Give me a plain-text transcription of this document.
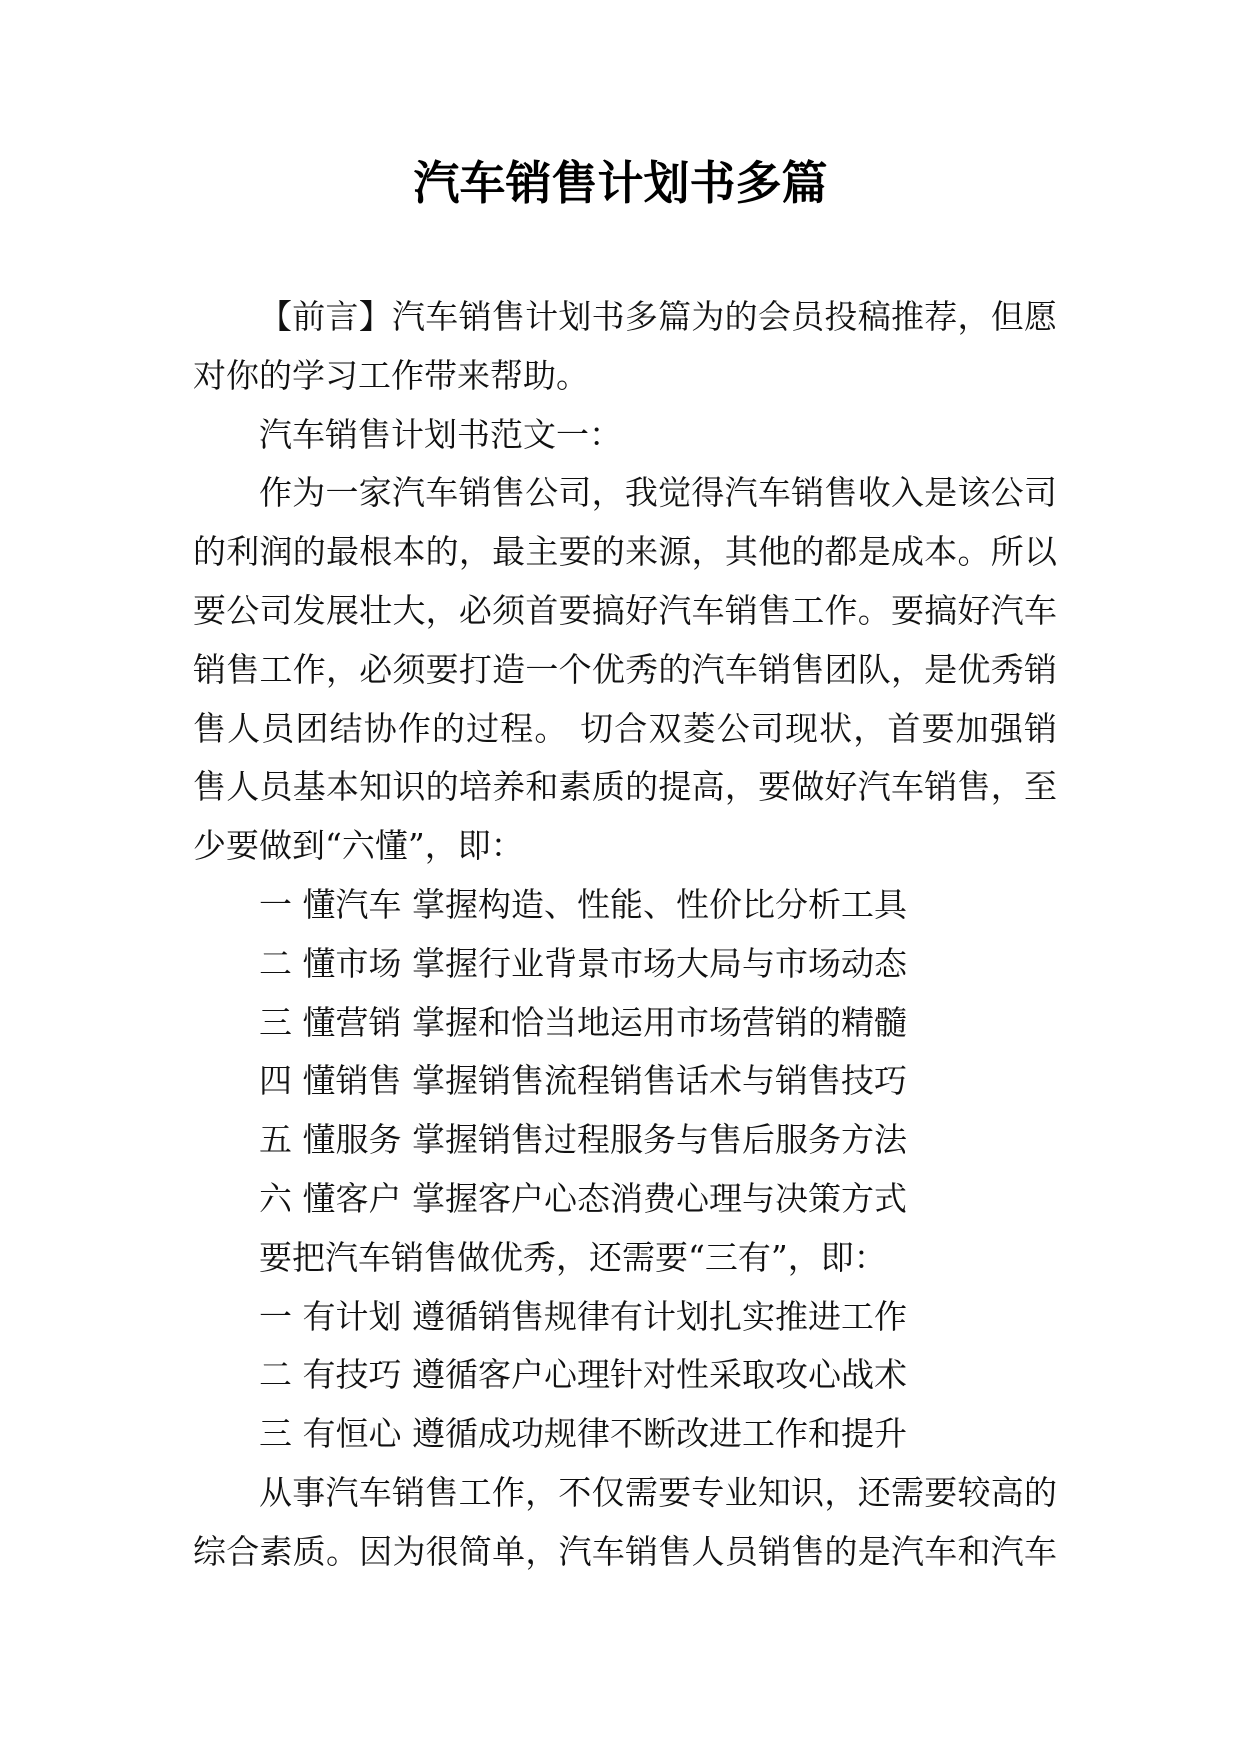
汽车销售计划书多篇
【前言】汽车销售计划书多篇为的会员投稿推荐，但愿
对你的学习工作带来帮助。
汽车销售计划书范文一：
作为一家汽车销售公司，我觉得汽车销售收入是该公司
的利润的最根本的，最主要的来源，其他的都是成本。所以
要公司发展壮大，必须首要搞好汽车销售工作。要搞好汽车
销售工作，必须要打造一个优秀的汽车销售团队，是优秀销
售人员团结协作的过程。 切合双菱公司现状，首要加强销
售人员基本知识的培养和素质的提高，要做好汽车销售，至
少要做到“六懂”，即：
一 懂汽车 掌握构造、性能、性价比分析工具
二 懂市场 掌握行业背景市场大局与市场动态
三 懂营销 掌握和恰当地运用市场营销的精髓
四 懂销售 掌握销售流程销售话术与销售技巧
五 懂服务 掌握销售过程服务与售后服务方法
六 懂客户 掌握客户心态消费心理与决策方式
要把汽车销售做优秀，还需要“三有”，即：
一 有计划 遵循销售规律有计划扎实推进工作
二 有技巧 遵循客户心理针对性采取攻心战术
三 有恒心 遵循成功规律不断改进工作和提升
从事汽车销售工作，不仅需要专业知识，还需要较高的
综合素质。因为很简单，汽车销售人员销售的是汽车和汽车
